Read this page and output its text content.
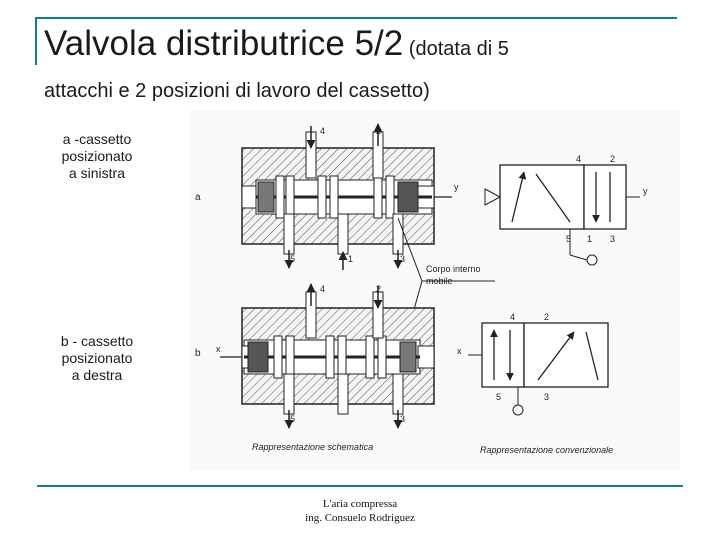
Valvola distributrice 5/2 (dotata di 5
attacchi e 2 posizioni di lavoro del cassetto)
a -cassetto
posizionato
a sinistra
b - cassetto
posizionato
a destra
a
4	2
5	1	3
y
4	2
5 1 3
y
Corpo interno
mobile
b x
4	2
5	3
x
4	2
5	3
Rappresentazione schematica	Rappresentazione convenzionale
L'aria compressa
ing. Consuelo Rodriguez
